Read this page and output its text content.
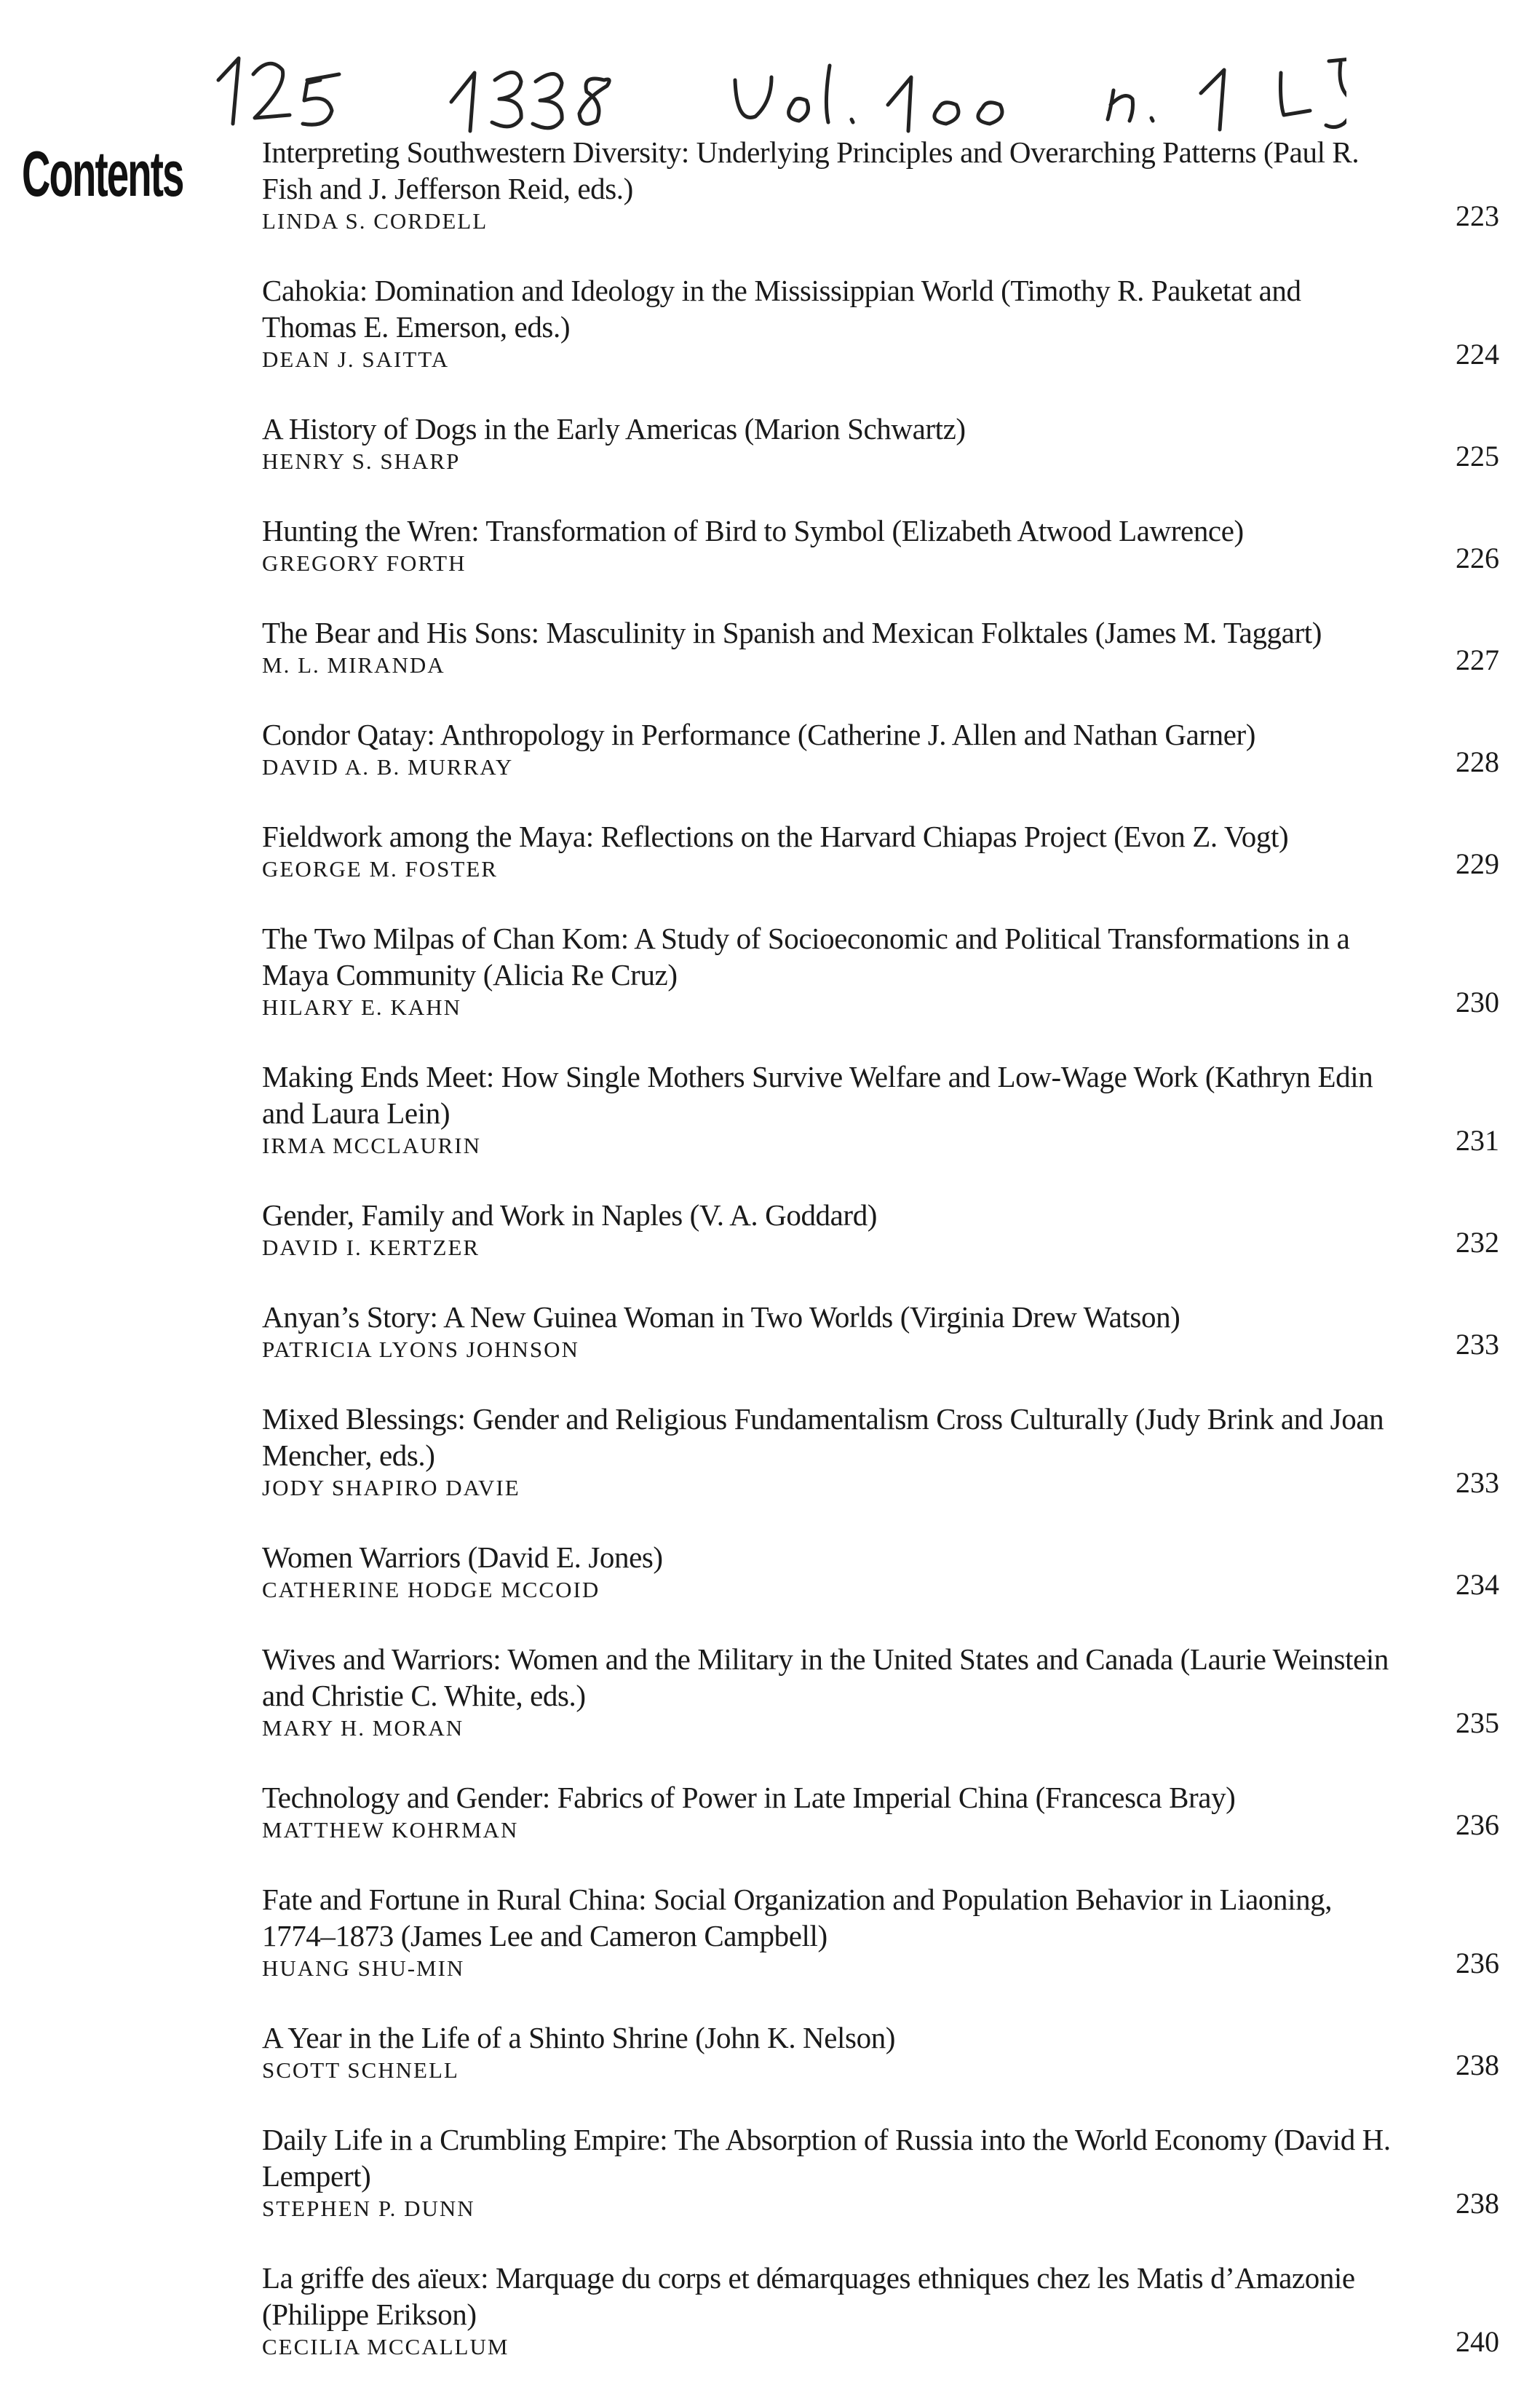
Contents	Interpreting Southwestern Diversity: Underlying Principles and Overarching Patterns (Paul R. Fish and J. Jefferson Reid, eds.)
LINDA S. CORDELL	223
Cahokia: Domination and Ideology in the Mississippian World (Timothy R. Pauketat and Thomas E. Emerson, eds.)
DEAN J. SAITTA	224
A History of Dogs in the Early Americas (Marion Schwartz)
HENRY S. SHARP	225
Hunting the Wren: Transformation of Bird to Symbol (Elizabeth Atwood Lawrence)
GREGORY FORTH	226
The Bear and His Sons: Masculinity in Spanish and Mexican Folktales (James M. Taggart)
M. L. MIRANDA	227
Condor Qatay: Anthropology in Performance (Catherine J. Allen and Nathan Garner)
DAVID A. B. MURRAY	228
Fieldwork among the Maya: Reflections on the Harvard Chiapas Project (Evon Z. Vogt)
GEORGE M. FOSTER	229
The Two Milpas of Chan Kom: A Study of Socioeconomic and Political Transformations in a Maya Community (Alicia Re Cruz)
HILARY E. KAHN	230
Making Ends Meet: How Single Mothers Survive Welfare and Low-Wage Work (Kathryn Edin and Laura Lein)
IRMA MCCLAURIN	231
Gender, Family and Work in Naples (V. A. Goddard)
DAVID I. KERTZER	232
Anyan’s Story: A New Guinea Woman in Two Worlds (Virginia Drew Watson)
PATRICIA LYONS JOHNSON	233
Mixed Blessings: Gender and Religious Fundamentalism Cross Culturally (Judy Brink and Joan Mencher, eds.)
JODY SHAPIRO DAVIE	233
Women Warriors (David E. Jones)
CATHERINE HODGE MCCOID	234
Wives and Warriors: Women and the Military in the United States and Canada (Laurie Weinstein and Christie C. White, eds.)
MARY H. MORAN	235
Technology and Gender: Fabrics of Power in Late Imperial China (Francesca Bray)
MATTHEW KOHRMAN	236
Fate and Fortune in Rural China: Social Organization and Population Behavior in Liaoning, 1774–1873 (James Lee and Cameron Campbell)
HUANG SHU-MIN	236
A Year in the Life of a Shinto Shrine (John K. Nelson)
SCOTT SCHNELL	238
Daily Life in a Crumbling Empire: The Absorption of Russia into the World Economy (David H. Lempert)
STEPHEN P. DUNN	238
La griffe des aïeux: Marquage du corps et démarquages ethniques chez les Matis d’Amazonie (Philippe Erikson)
CECILIA MCCALLUM	240
